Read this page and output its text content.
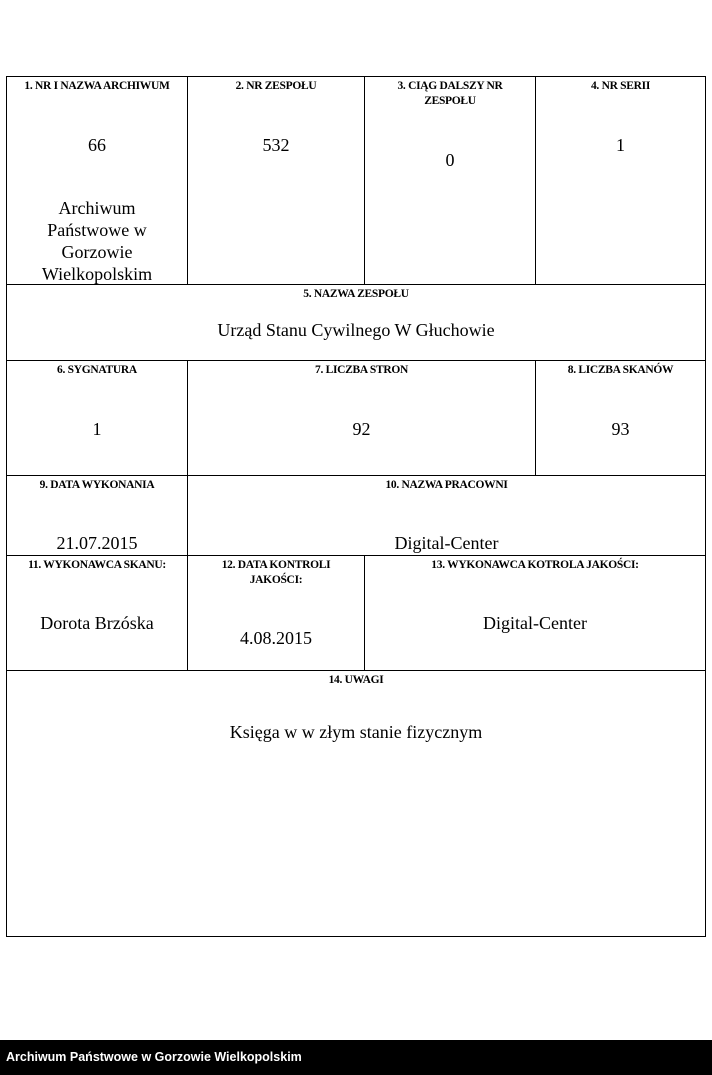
1. NR I NAZWA ARCHIWUM
66
Archiwum Państwowe w Gorzowie Wielkopolskim
2. NR ZESPOŁU
532
3. CIĄG DALSZY NR ZESPOŁU
0
4. NR SERII
1
5. NAZWA ZESPOŁU
Urząd Stanu Cywilnego W Głuchowie
6. SYGNATURA
1
7. LICZBA STRON
92
8. LICZBA SKANÓW
93
9. DATA WYKONANIA
21.07.2015
10. NAZWA PRACOWNI
Digital-Center
11. WYKONAWCA SKANU:
Dorota Brzóska
12. DATA KONTROLI JAKOŚCI:
4.08.2015
13. WYKONAWCA KOTROLA JAKOŚCI:
Digital-Center
14. UWAGI
Księga w w złym stanie fizycznym
Archiwum Państwowe w Gorzowie Wielkopolskim
